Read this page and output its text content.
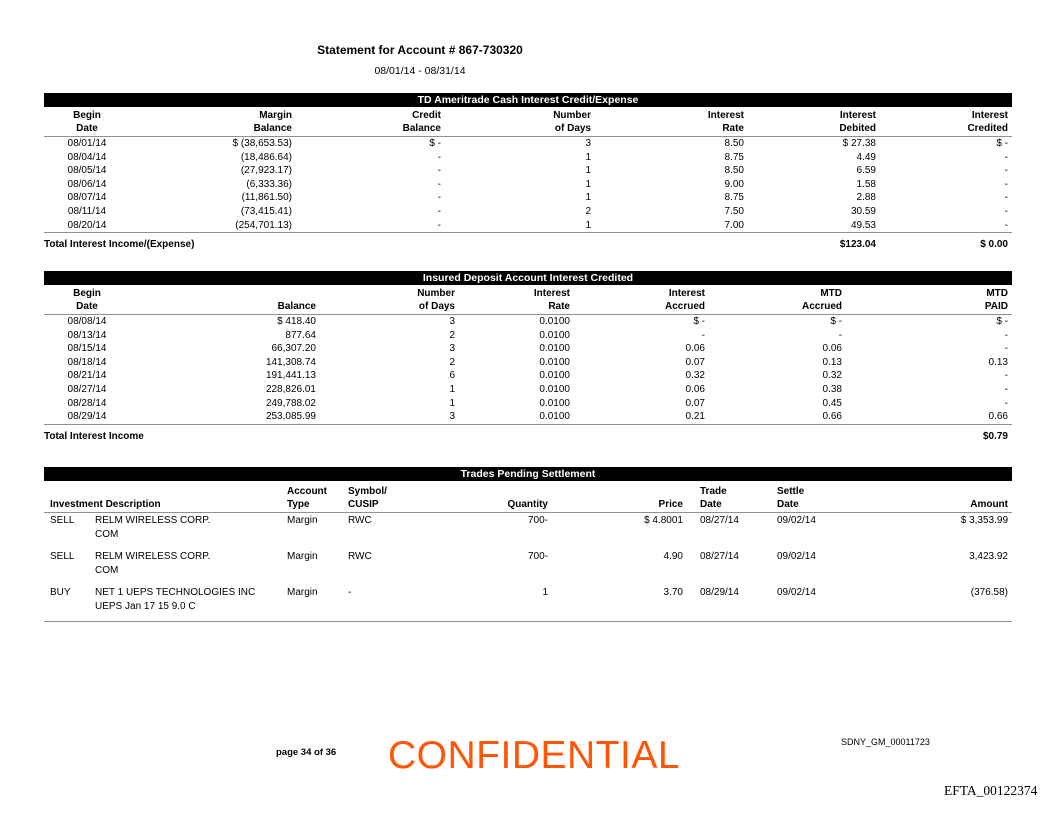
Statement for Account # 867-730320
08/01/14 - 08/31/14
TD Ameritrade Cash Interest Credit/Expense
Begin
Date

Margin
Balance

Credit
Balance

Number
of Days

Interest
Rate

Interest
Debited

Interest
Credited

08/01/14	$ (38,653.53)	$ -	3	8.50	$ 27.38	$ -
08/04/14	(18,486.64)	-	1	8.75	4.49	-
08/05/14	(27,923.17)	-	1	8.50	6.59	-
08/06/14	(6,333.36)	-	1	9.00	1.58	-
08/07/14	(11,861.50)	-	1	8.75	2.88	-
08/11/14	(73,415.41)	-	2	7.50	30.59	-
08/20/14	(254,701.13)	-	1	7.00	49.53	-
Total Interest Income/(Expense)					$123.04	$ 0.00
Insured Deposit Account Interest Credited
Begin
Date	Balance

Number
of Days

Interest
Rate

Interest
Accrued

MTD
Accrued

MTD
PAID

08/08/14	$ 418.40	3	0.0100	$ -	$ -	$ -
08/13/14	877.64	2	0.0100	-	-	-
08/15/14	66,307.20	3	0.0100	0.06	0.06	-
08/18/14	141,308.74	2	0.0100	0.07	0.13	0.13
08/21/14	191,441.13	6	0.0100	0.32	0.32	-
08/27/14	228,826.01	1	0.0100	0.06	0.38	-
08/28/14	249,788.02	1	0.0100	0.07	0.45	-
08/29/14	253,085.99	3	0.0100	0.21	0.66	0.66
Total Interest Income						$0.79
Trades Pending Settlement
Investment Description

Account
Type

Symbol/
CUSIP	Quantity	Price

Trade
Date

Settle
Date	Amount

SELL	RELM WIRELESS CORP.
COM	Margin	RWC	700-	$ 4.8001	08/27/14	09/02/14	$ 3,353.99
SELL	RELM WIRELESS CORP.
COM	Margin	RWC	700-	4.90	08/27/14	09/02/14	3,423.92
BUY	NET 1 UEPS TECHNOLOGIES INC
UEPS Jan 17 15 9.0 C	Margin	-	1	3.70	08/29/14	09/02/14	(376.58)
page 34 of 36 CONFIDENTIAL	SDNY_GM_00011723
EFTA_00122374
